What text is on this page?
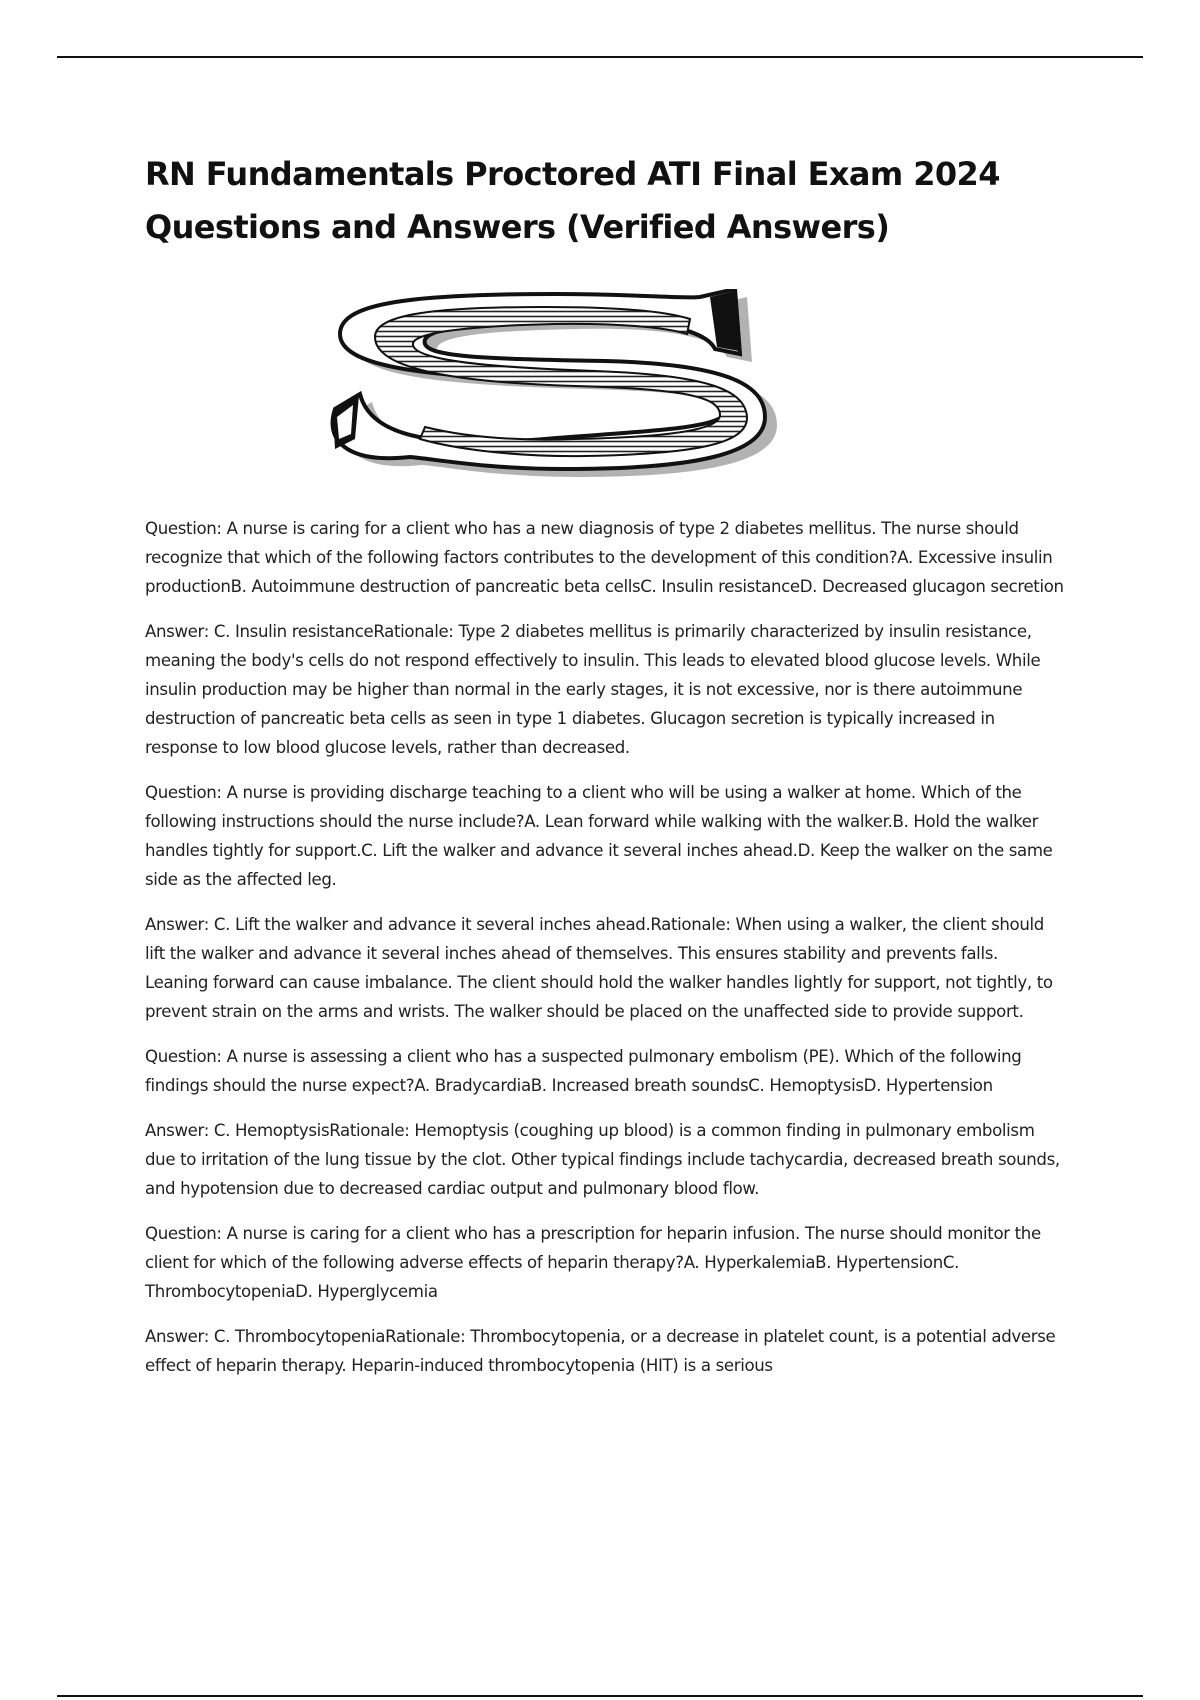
RN Fundamentals Proctored ATI Final Exam 2024
Questions and Answers (Verified Answers)

Question: A nurse is caring for a client who has a new diagnosis of type 2 diabetes mellitus. The nurse should recognize that which of the following factors contributes to the development of this condition?A. Excessive insulin productionB. Autoimmune destruction of pancreatic beta cellsC. Insulin resistanceD. Decreased glucagon secretion

Answer: C. Insulin resistanceRationale: Type 2 diabetes mellitus is primarily characterized by insulin resistance, meaning the body's cells do not respond effectively to insulin. This leads to elevated blood glucose levels. While insulin production may be higher than normal in the early stages, it is not excessive, nor is there autoimmune destruction of pancreatic beta cells as seen in type 1 diabetes. Glucagon secretion is typically increased in response to low blood glucose levels, rather than decreased.

Question: A nurse is providing discharge teaching to a client who will be using a walker at home. Which of the following instructions should the nurse include?A. Lean forward while walking with the walker.B. Hold the walker handles tightly for support.C. Lift the walker and advance it several inches ahead.D. Keep the walker on the same side as the affected leg.

Answer: C. Lift the walker and advance it several inches ahead.Rationale: When using a walker, the client should lift the walker and advance it several inches ahead of themselves. This ensures stability and prevents falls. Leaning forward can cause imbalance. The client should hold the walker handles lightly for support, not tightly, to prevent strain on the arms and wrists. The walker should be placed on the unaffected side to provide support.

Question: A nurse is assessing a client who has a suspected pulmonary embolism (PE). Which of the following findings should the nurse expect?A. BradycardiaB. Increased breath soundsC. HemoptysisD. Hypertension

Answer: C. HemoptysisRationale: Hemoptysis (coughing up blood) is a common finding in pulmonary embolism due to irritation of the lung tissue by the clot. Other typical findings include tachycardia, decreased breath sounds, and hypotension due to decreased cardiac output and pulmonary blood flow.

Question: A nurse is caring for a client who has a prescription for heparin infusion. The nurse should monitor the client for which of the following adverse effects of heparin therapy?A. HyperkalemiaB. HypertensionC. ThrombocytopeniaD. Hyperglycemia

Answer: C. ThrombocytopeniaRationale: Thrombocytopenia, or a decrease in platelet count, is a potential adverse effect of heparin therapy. Heparin-induced thrombocytopenia (HIT) is a serious
